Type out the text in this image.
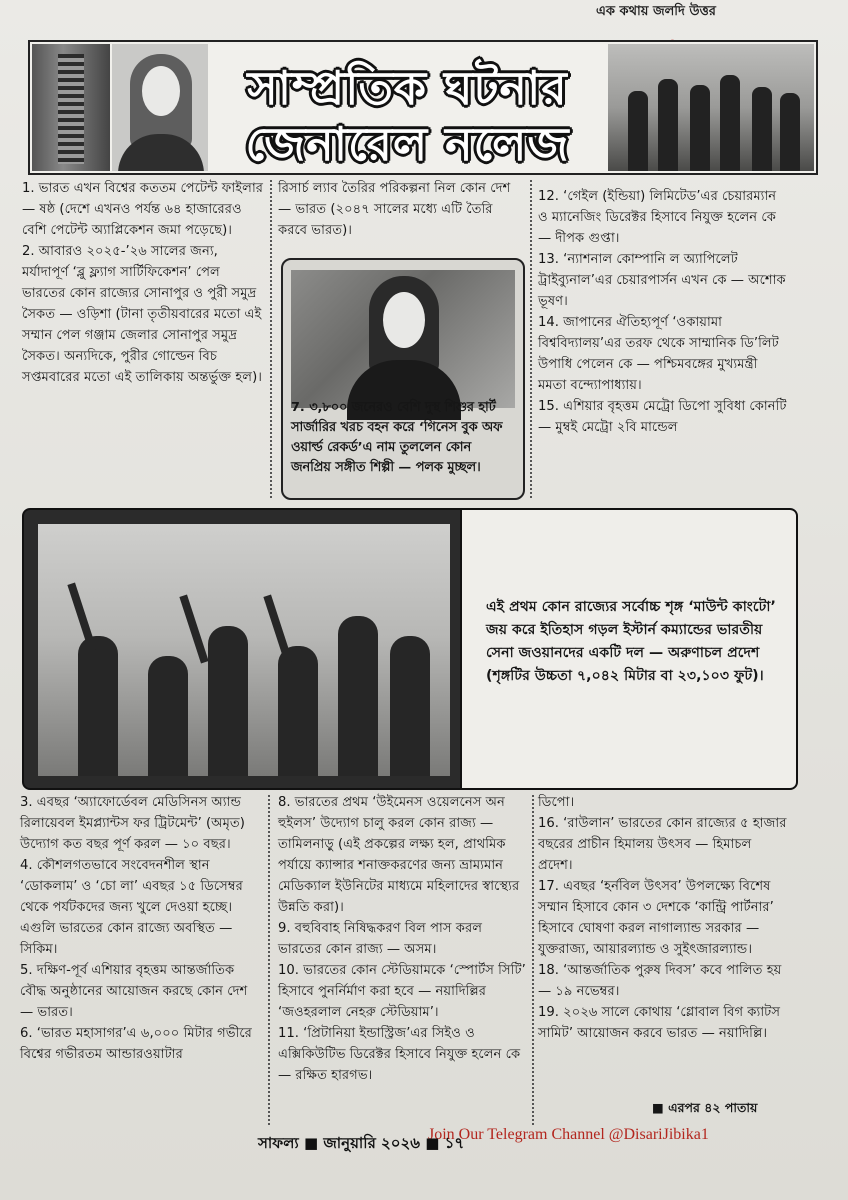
এক কথায় জলদি উত্তর
সাম্প্রতিক ঘটনার
জেনারেল নলেজ

1. ভারত এখন বিশ্বের কততম পেটেন্ট ফাইলার — ষষ্ঠ (দেশে এখনও পর্যন্ত ৬৪ হাজারেরও বেশি পেটেন্ট অ্যাপ্লিকেশন জমা পড়েছে)।

2. আবারও ২০২৫-’২৬ সালের জন্য, মর্যাদাপূর্ণ ‘ব্লু ফ্ল্যাগ সার্টিফিকেশন’ পেল ভারতের কোন রাজ্যের সোনাপুর ও পুরী সমুদ্র সৈকত — ওড়িশা (টানা তৃতীয়বারের মতো এই সম্মান পেল গঞ্জাম জেলার সোনাপুর সমুদ্র সৈকত। অন্যদিকে, পুরীর গোল্ডেন বিচ সপ্তমবারের মতো এই তালিকায় অন্তর্ভুক্ত হল)।

রিসার্চ ল্যাব তৈরির পরিকল্পনা নিল কোন দেশ — ভারত (২০৪৭ সালের মধ্যে এটি তৈরি করবে ভারত)।

7. ৩,৮০০ জনেরও বেশি দুস্থ শিশুর হার্ট সার্জারির খরচ বহন করে ‘গিনেস বুক অফ ওয়ার্ল্ড রেকর্ড’এ নাম তুললেন কোন জনপ্রিয় সঙ্গীত শিল্পী — পলক মুচ্ছল।

12. ‘গেইল (ইন্ডিয়া) লিমিটেড’এর চেয়ারম্যান ও ম্যানেজিং ডিরেক্টর হিসাবে নিযুক্ত হলেন কে — দীপক গুপ্তা।

13. ‘ন্যাশনাল কোম্পানি ল অ্যাপিলেট ট্রাইব্যুনাল’এর চেয়ারপার্সন এখন কে — অশোক ভূষণ।

14. জাপানের ঐতিহ্যপূর্ণ ‘ওকায়ামা বিশ্ববিদ্যালয়’এর তরফ থেকে সাম্মানিক ডি’লিট উপাধি পেলেন কে — পশ্চিমবঙ্গের মুখ্যমন্ত্রী মমতা বন্দ্যোপাধ্যায়।

15. এশিয়ার বৃহত্তম মেট্রো ডিপো সুবিধা কোনটি — মুম্বই মেট্রো ২বি মান্ডেল

এই প্রথম কোন রাজ্যের সর্বোচ্চ শৃঙ্গ ‘মাউন্ট কাংটো’ জয় করে ইতিহাস গড়ল ইস্টার্ন কম্যান্ডের ভারতীয় সেনা জওয়ানদের একটি দল — অরুণাচল প্রদেশ (শৃঙ্গটির উচ্চতা ৭,০৪২ মিটার বা ২৩,১০৩ ফুট)।

3. এবছর ‘অ্যাফোর্ডেবল মেডিসিনস অ্যান্ড রিলায়েবল ইমপ্ল্যান্টস ফর ট্রিটমেন্ট’ (অমৃত) উদ্যোগ কত বছর পূর্ণ করল — ১০ বছর।

4. কৌশলগতভাবে সংবেদনশীল স্থান ‘ডোকলাম’ ও ‘চো লা’ এবছর ১৫ ডিসেম্বর থেকে পর্যটকদের জন্য খুলে দেওয়া হচ্ছে। এগুলি ভারতের কোন রাজ্যে অবস্থিত — সিকিম।

5. দক্ষিণ-পূর্ব এশিয়ার বৃহত্তম আন্তর্জাতিক বৌদ্ধ অনুষ্ঠানের আয়োজন করছে কোন দেশ — ভারত।

6. ‘ভারত মহাসাগর’এ ৬,০০০ মিটার গভীরে বিশ্বের গভীরতম আন্ডারওয়াটার

8. ভারতের প্রথম ‘উইমেনস ওয়েলনেস অন হুইলস’ উদ্যোগ চালু করল কোন রাজ্য — তামিলনাড়ু (এই প্রকল্পের লক্ষ্য হল, প্রাথমিক পর্যায়ে ক্যান্সার শনাক্তকরণের জন্য ভ্রাম্যমান মেডিক্যাল ইউনিটের মাধ্যমে মহিলাদের স্বাস্থ্যের উন্নতি করা)।

9. বহুবিবাহ নিষিদ্ধকরণ বিল পাস করল ভারতের কোন রাজ্য — অসম।

10. ভারতের কোন স্টেডিয়ামকে ‘স্পোর্টস সিটি’ হিসাবে পুনর্নির্মাণ করা হবে — নয়াদিল্লির ‘জওহরলাল নেহরু স্টেডিয়াম’।

11. ‘প্রিটানিয়া ইন্ডাস্ট্রিজ’এর সিইও ও এক্সিকিউটিভ ডিরেক্টর হিসাবে নিযুক্ত হলেন কে — রক্ষিত হারগভ।

ডিপো।

16. ‘রাউলান’ ভারতের কোন রাজ্যের ৫ হাজার বছরের প্রাচীন হিমালয় উৎসব — হিমাচল প্রদেশ।

17. এবছর ‘হর্নবিল উৎসব’ উপলক্ষ্যে বিশেষ সম্মান হিসাবে কোন ৩ দেশকে ‘কান্ট্রি পার্টনার’ হিসাবে ঘোষণা করল নাগাল্যান্ড সরকার — যুক্তরাজ্য, আয়ারল্যান্ড ও সুইৎজারল্যান্ড।

18. ‘আন্তর্জাতিক পুরুষ দিবস’ কবে পালিত হয় — ১৯ নভেম্বর।

19. ২০২৬ সালে কোথায় ‘গ্লোবাল বিগ ক্যাটস সামিট’ আয়োজন করবে ভারত — নয়াদিল্লি।

■ এরপর ৪২ পাতায়
Join Our Telegram Channel @DisariJibika1
সাফল্য ■ জানুয়ারি ২০২৬ ■ ১৭
